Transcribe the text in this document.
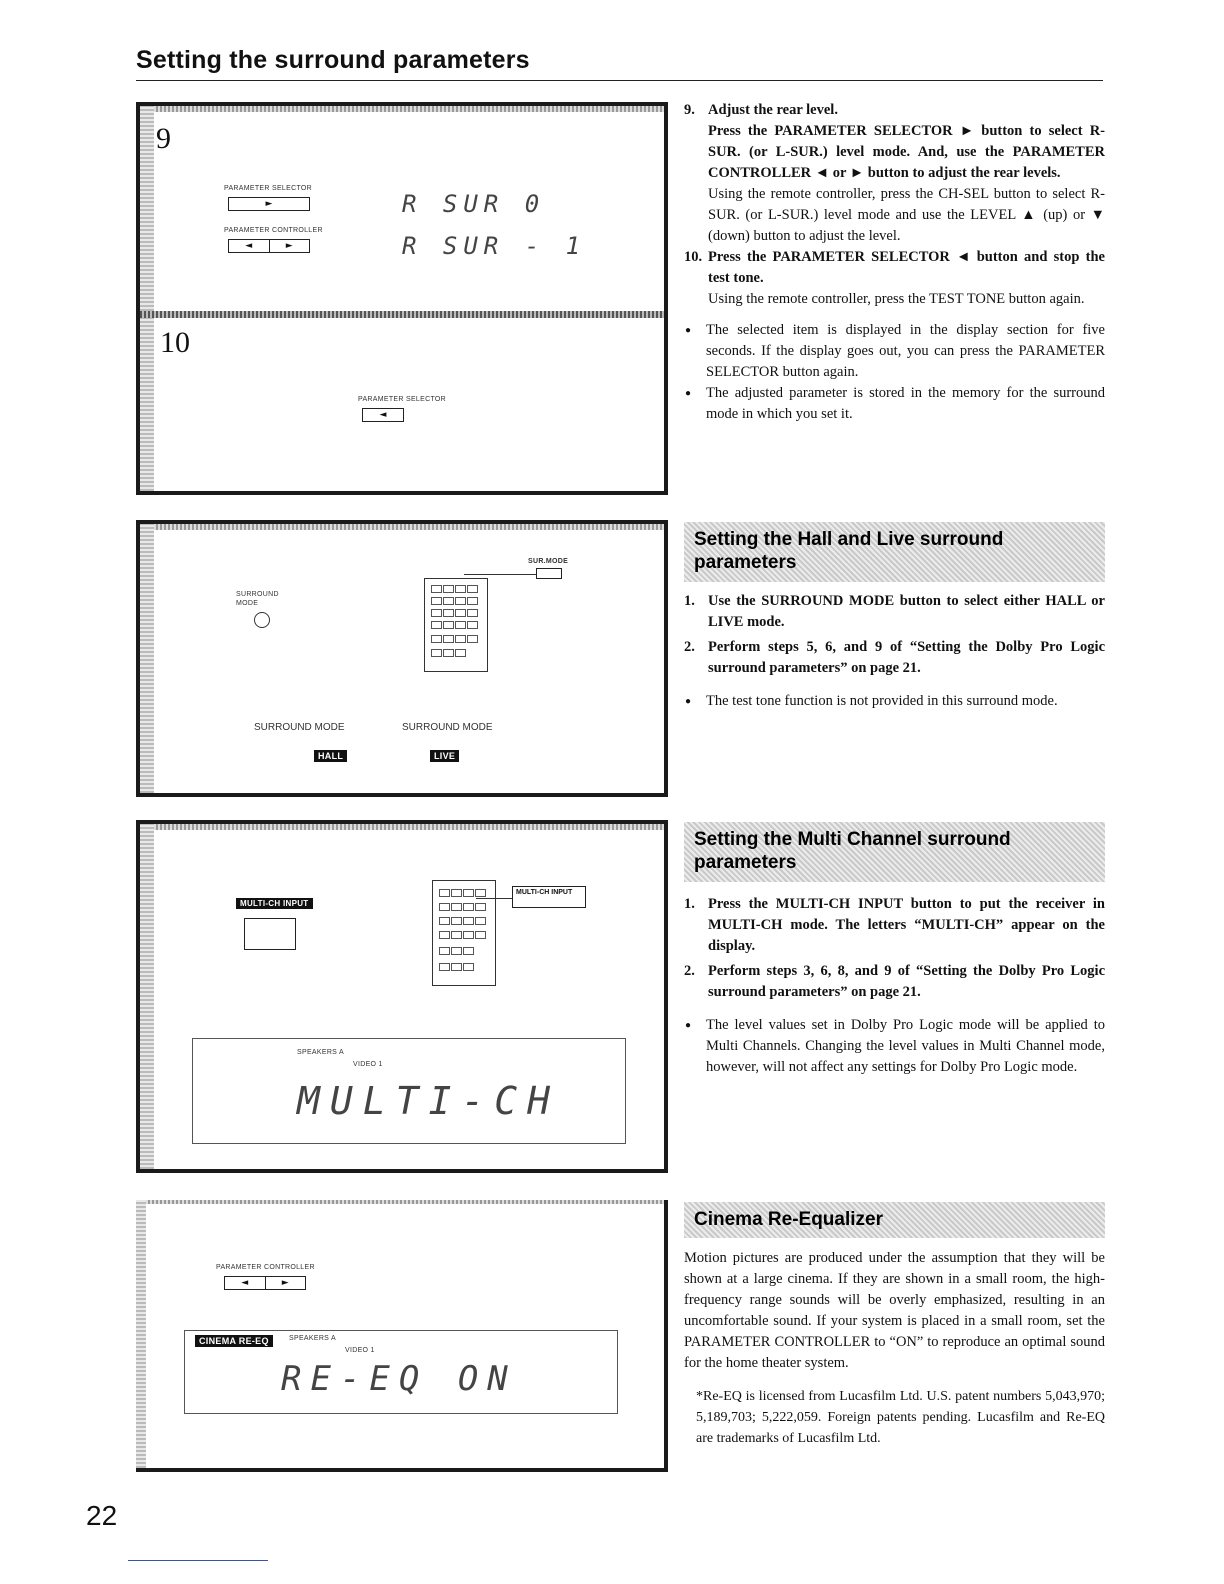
Setting the surround parameters
9
PARAMETER SELECTOR
►
PARAMETER CONTROLLER
◄	►
R SUR 0
R SUR - 1
10
PARAMETER SELECTOR
◄
SURROUND MODE
SUR.MODE
SURROUND MODE	SURROUND MODE
HALL	LIVE
MULTI-CH INPUT
MULTI-CH INPUT
SPEAKERS A
VIDEO 1
MULTI-CH
PARAMETER CONTROLLER
◄	►
CINEMA RE-EQ	SPEAKERS A
VIDEO 1
RE-EQ ON
9. Adjust the rear level.

Press the PARAMETER SELECTOR ► button to select R-SUR. (or L-SUR.) level mode. And, use the PARAMETER CONTROLLER ◄ or ► button to adjust the rear levels.

Using the remote controller, press the CH-SEL button to select R-SUR. (or L-SUR.) level mode and use the LEVEL ▲ (up) or ▼ (down) button to adjust the level.

10. Press the PARAMETER SELECTOR ◄ button and stop the test tone.

Using the remote controller, press the TEST TONE button again.

● The selected item is displayed in the display section for five seconds. If the display goes out, you can press the PARAMETER SELECTOR button again.

● The adjusted parameter is stored in the memory for the surround mode in which you set it.

Setting the Hall and Live surround parameters
1. Use the SURROUND MODE button to select either HALL or LIVE mode.

2. Perform steps 5, 6, and 9 of “Setting the Dolby Pro Logic surround parameters” on page 21.

● The test tone function is not provided in this surround mode.

Setting the Multi Channel surround parameters
1. Press the MULTI-CH INPUT button to put the receiver in MULTI-CH mode. The letters “MULTI-CH” appear on the display.

2. Perform steps 3, 6, 8, and 9 of “Setting the Dolby Pro Logic surround parameters” on page 21.

● The level values set in Dolby Pro Logic mode will be applied to Multi Channels. Changing the level values in Multi Channel mode, however, will not affect any settings for Dolby Pro Logic mode.

Cinema Re-Equalizer

Motion pictures are produced under the assumption that they will be shown at a large cinema. If they are shown in a small room, the high-frequency range sounds will be overly emphasized, resulting in an uncomfortable sound. If your system is placed in a small room, set the PARAMETER CONTROLLER to “ON” to reproduce an optimal sound for the home theater system.

*Re-EQ is licensed from Lucasfilm Ltd. U.S. patent numbers 5,043,970; 5,189,703; 5,222,059. Foreign patents pending. Lucasfilm and Re-EQ are trademarks of Lucasfilm Ltd.

22
